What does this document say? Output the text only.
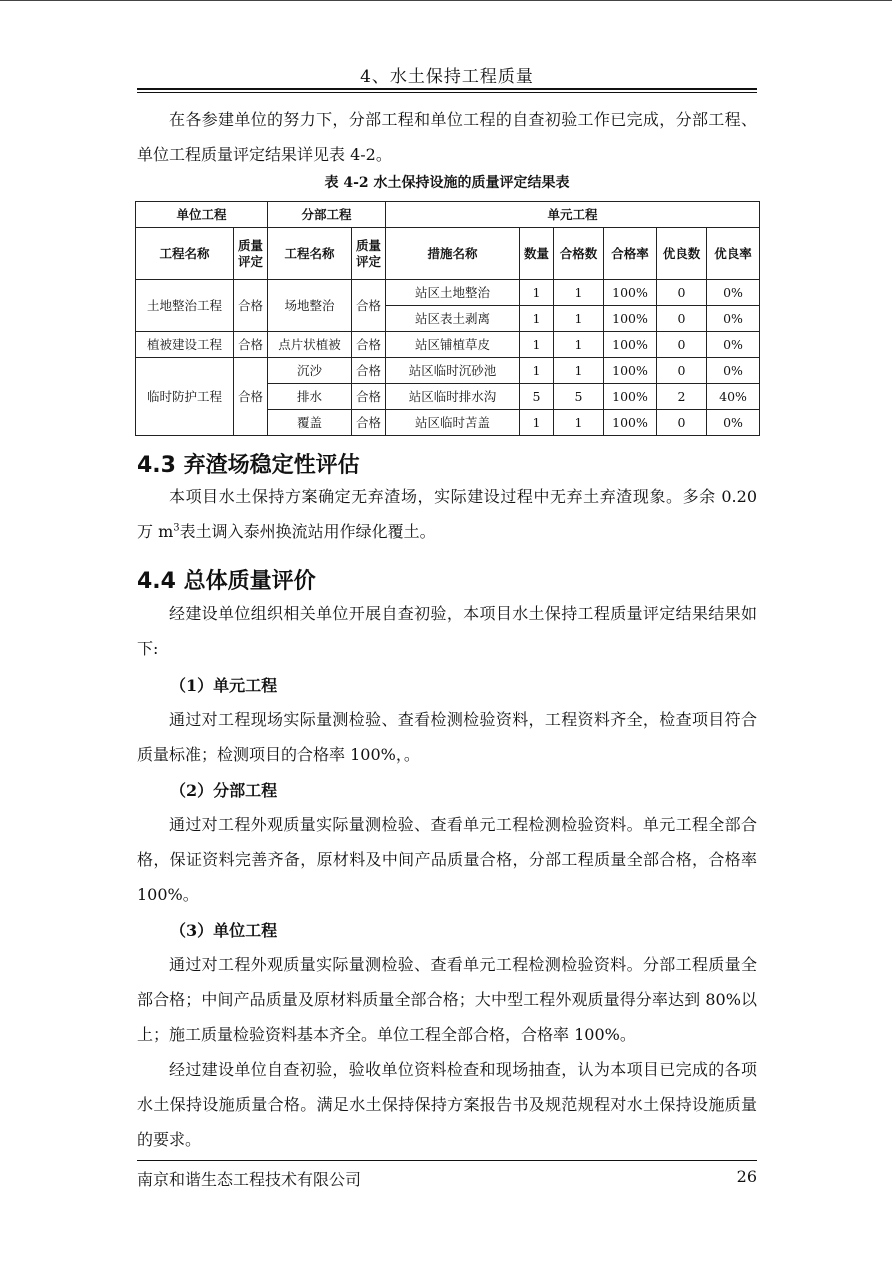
4、水土保持工程质量
在各参建单位的努力下，分部工程和单位工程的自查初验工作已完成，分部工程、单位工程质量评定结果详见表 4-2。
表 4-2 水土保持设施的质量评定结果表
单位工程		分部工程		单元工程					
工程名称	质量评定	工程名称	质量评定	措施名称	数量	合格数	合格率	优良数	优良率
土地整治工程	合格	场地整治	合格	站区土地整治	1	1	100%	0	0%
				站区表土剥离	1	1	100%	0	0%
植被建设工程	合格	点片状植被	合格	站区铺植草皮	1	1	100%	0	0%
临时防护工程	合格	沉沙	合格	站区临时沉砂池	1	1	100%	0	0%
		排水	合格	站区临时排水沟	5	5	100%	2	40%
		覆盖	合格	站区临时苫盖	1	1	100%	0	0%
4.3 弃渣场稳定性评估
本项目水土保持方案确定无弃渣场，实际建设过程中无弃土弃渣现象。多余 0.20 万 $m^3$表土调入泰州换流站用作绿化覆土。
4.4 总体质量评价
经建设单位组织相关单位开展自查初验，本项目水土保持工程质量评定结果结果如下:
（1）单元工程
通过对工程现场实际量测检验、查看检测检验资料，工程资料齐全，检查项目符合质量标准；检测项目的合格率 100%，。
（2）分部工程
通过对工程外观质量实际量测检验、查看单元工程检测检验资料。单元工程全部合格，保证资料完善齐备，原材料及中间产品质量合格，分部工程质量全部合格，合格率 100%。
（3）单位工程
通过对工程外观质量实际量测检验、查看单元工程检测检验资料。分部工程质量全部合格；中间产品质量及原材料质量全部合格；大中型工程外观质量得分率达到 80%以上；施工质量检验资料基本齐全。单位工程全部合格，合格率 100%。
经过建设单位自查初验，验收单位资料检查和现场抽查，认为本项目已完成的各项水土保持设施质量合格。满足水土保持保持方案报告书及规范规程对水土保持设施质量的要求。
南京和谐生态工程技术有限公司	26
